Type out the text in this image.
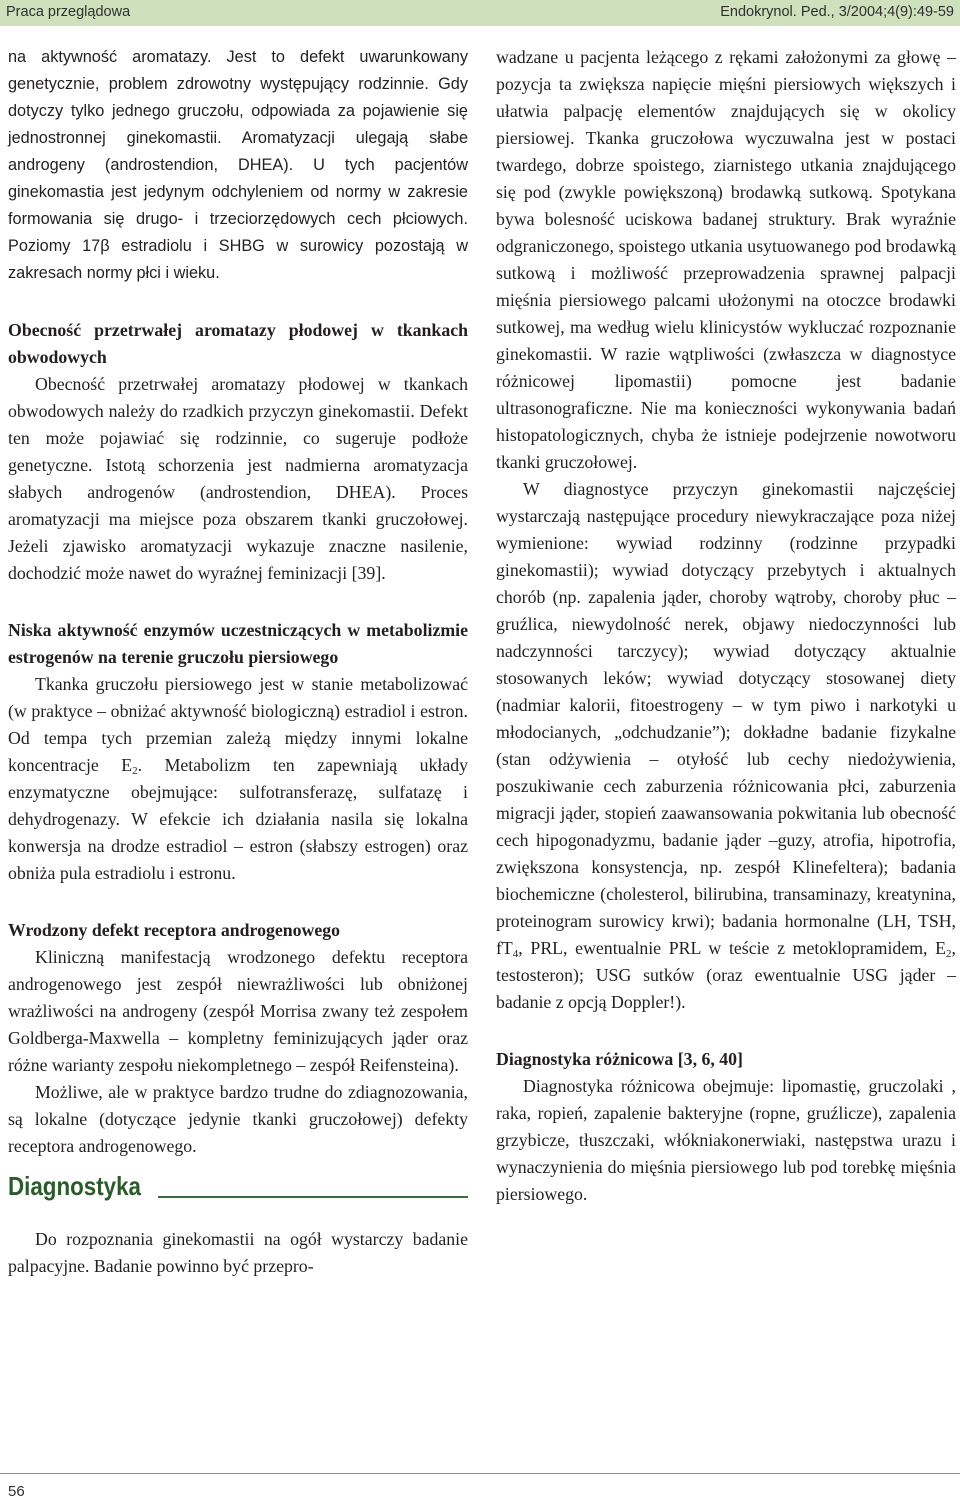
Praca przeglądowa	Endokrynol. Ped., 3/2004;4(9):49-59

na aktywność aromatazy. Jest to defekt uwarunkowany genetycznie, problem zdrowotny występujący rodzinnie. Gdy dotyczy tylko jednego gruczołu, odpowiada za pojawienie się jednostronnej ginekomastii. Aromatyzacji ulegają słabe androgeny (androstendion, DHEA). U tych pacjentów ginekomastia jest jedynym odchyleniem od normy w zakresie formowania się drugo- i trzeciorzędowych cech płciowych. Poziomy 17β estradiolu i SHBG w surowicy pozostają w zakresach normy płci i wieku.

Obecność przetrwałej aromatazy płodowej w tkankach obwodowych

Obecność przetrwałej aromatazy płodowej w tkankach obwodowych należy do rzadkich przyczyn ginekomastii. Defekt ten może pojawiać się rodzinnie, co sugeruje podłoże genetyczne. Istotą schorzenia jest nadmierna aromatyzacja słabych androgenów (androstendion, DHEA). Proces aromatyzacji ma miejsce poza obszarem tkanki gruczołowej. Jeżeli zjawisko aromatyzacji wykazuje znaczne nasilenie, dochodzić może nawet do wyraźnej feminizacji [39].

Niska aktywność enzymów uczestniczących w metabolizmie estrogenów na terenie gruczołu piersiowego

Tkanka gruczołu piersiowego jest w stanie metabolizować (w praktyce – obniżać aktywność biologiczną) estradiol i estron. Od tempa tych przemian zależą między innymi lokalne koncentracje $E_2$. Metabolizm ten zapewniają układy enzymatyczne obejmujące: sulfotransferazę, sulfatazę i dehydrogenazy. W efekcie ich działania nasila się lokalna konwersja na drodze estradiol – estron (słabszy estrogen) oraz obniża pula estradiolu i estronu.

Wrodzony defekt receptora androgenowego

Kliniczną manifestacją wrodzonego defektu receptora androgenowego jest zespół niewrażliwości lub obniżonej wrażliwości na androgeny (zespół Morrisa zwany też zespołem Goldberga-Maxwella – kompletny feminizujących jąder oraz różne warianty zespołu niekompletnego – zespół Reifensteina).

Możliwe, ale w praktyce bardzo trudne do zdiagnozowania, są lokalne (dotyczące jedynie tkanki gruczołowej) defekty receptora androgenowego.

Diagnostyka

Do rozpoznania ginekomastii na ogół wystarczy badanie palpacyjne. Badanie powinno być przepro-

wadzane u pacjenta leżącego z rękami założonymi za głowę –pozycja ta zwiększa napięcie mięśni piersiowych większych i ułatwia palpację elementów znajdujących się w okolicy piersiowej. Tkanka gruczołowa wyczuwalna jest w postaci twardego, dobrze spoistego, ziarnistego utkania znajdującego się pod (zwykle powiększoną) brodawką sutkową. Spotykana bywa bolesność uciskowa badanej struktury. Brak wyraźnie odgraniczonego, spoistego utkania usytuowanego pod brodawką sutkową i możliwość przeprowadzenia sprawnej palpacji mięśnia piersiowego palcami ułożonymi na otoczce brodawki sutkowej, ma według wielu klinicystów wykluczać rozpoznanie ginekomastii. W razie wątpliwości (zwłaszcza w diagnostyce różnicowej lipomastii) pomocne jest badanie ultrasonograficzne. Nie ma konieczności wykonywania badań histopatologicznych, chyba że istnieje podejrzenie nowotworu tkanki gruczołowej.

W diagnostyce przyczyn ginekomastii najczęściej wystarczają następujące procedury niewykraczające poza niżej wymienione: wywiad rodzinny (rodzinne przypadki ginekomastii); wywiad dotyczący przebytych i aktualnych chorób (np. zapalenia jąder, choroby wątroby, choroby płuc – gruźlica, niewydolność nerek, objawy niedoczynności lub nadczynności tarczycy); wywiad dotyczący aktualnie stosowanych leków; wywiad dotyczący stosowanej diety (nadmiar kalorii, fitoestrogeny – w tym piwo i narkotyki u młodocianych, „odchudzanie”); dokładne badanie fizykalne (stan odżywienia – otyłość lub cechy niedożywienia, poszukiwanie cech zaburzenia różnicowania płci, zaburzenia migracji jąder, stopień zaawansowania pokwitania lub obecność cech hipogonadyzmu, badanie jąder –guzy, atrofia, hipotrofia, zwiększona konsystencja, np. zespół Klinefeltera); badania biochemiczne (cholesterol, bilirubina, transaminazy, kreatynina, proteinogram surowicy krwi); badania hormonalne (LH, TSH, $fT_4$, PRL, ewentualnie PRL w teście z metoklopramidem, $E_2$, testosteron); USG sutków (oraz ewentualnie USG jąder – badanie z opcją Doppler!).

Diagnostyka różnicowa [3, 6, 40]

Diagnostyka różnicowa obejmuje: lipomastię, gruczolaki , raka, ropień, zapalenie bakteryjne (ropne, gruźlicze), zapalenia grzybicze, tłuszczaki, włókniakonerwiaki, następstwa urazu i wynaczynienia do mięśnia piersiowego lub pod torebkę mięśnia piersiowego.

56
